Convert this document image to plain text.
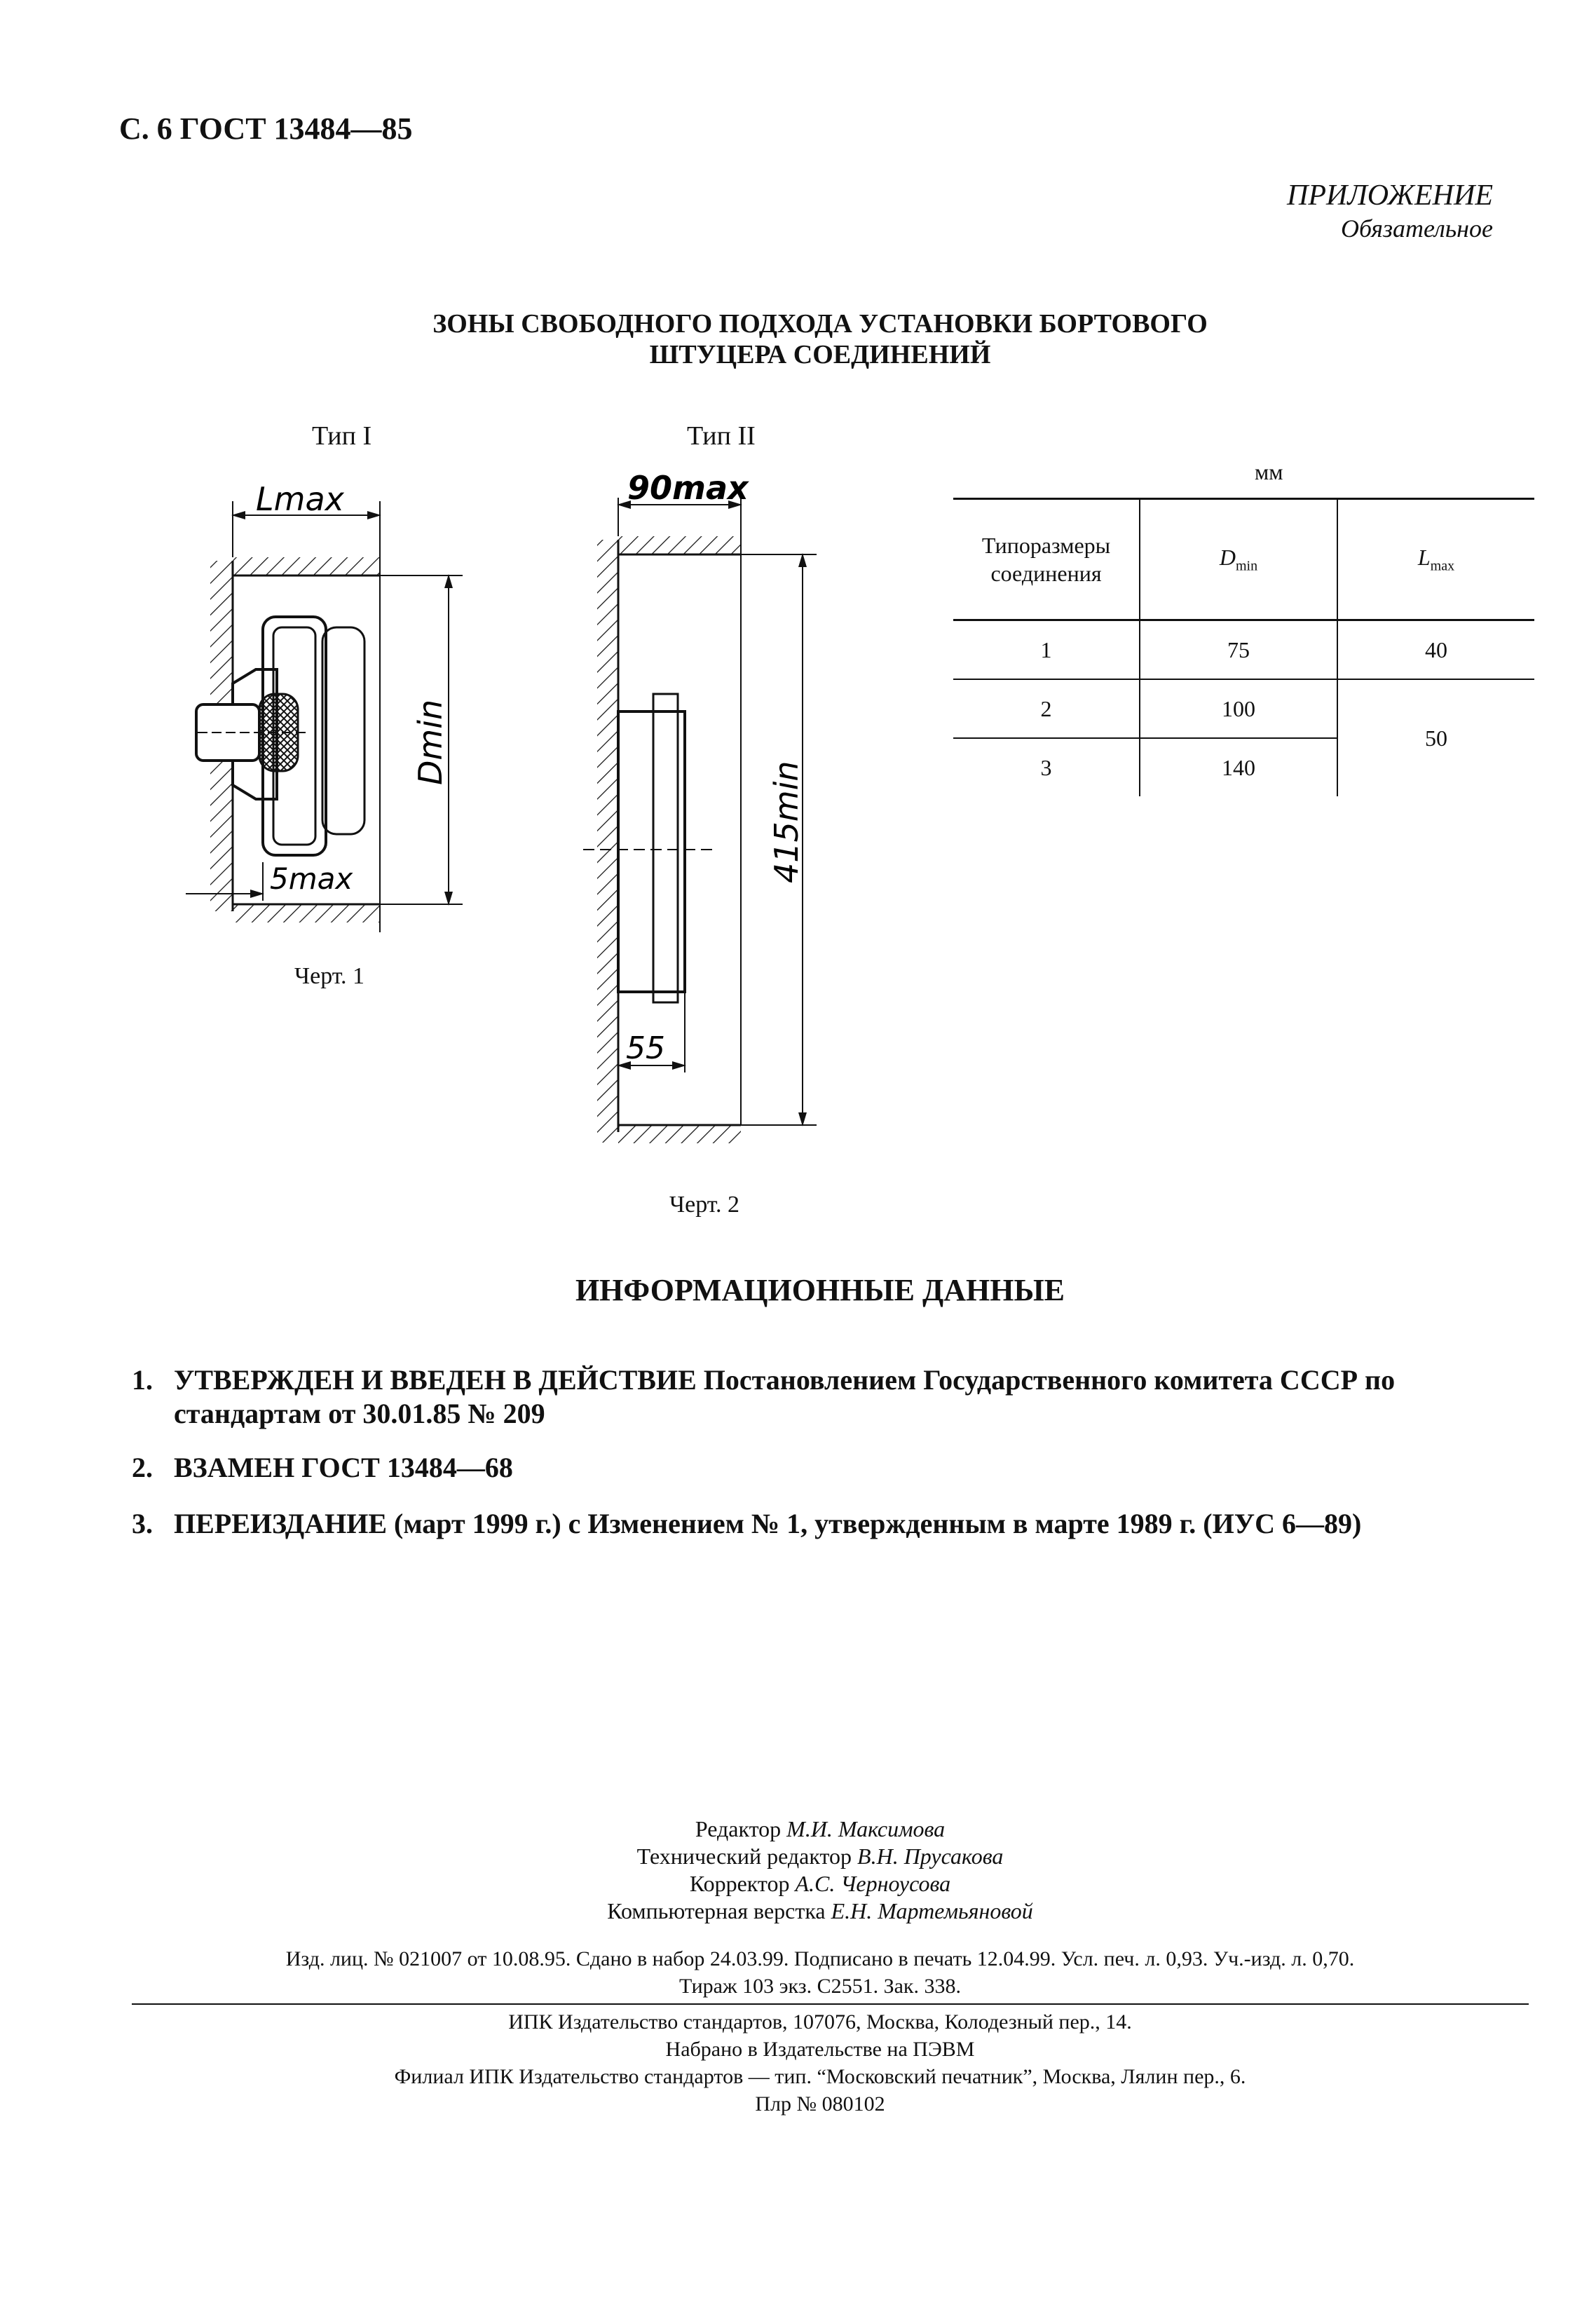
С. 6 ГОСТ 13484—85
ПРИЛОЖЕНИЕ
Обязательное
ЗОНЫ СВОБОДНОГО ПОДХОДА УСТАНОВКИ БОРТОВОГО
ШТУЦЕРА СОЕДИНЕНИЙ
Тип I	Тип II
Lmax
Dmin
5max
90max
415min
55
Черт. 1
Черт. 2
мм
Типоразмеры соединения	$D_{min}$	$L_{max}$
1	75	40
2	100	50
3	140	
ИНФОРМАЦИОННЫЕ ДАННЫЕ
1. УТВЕРЖДЕН И ВВЕДЕН В ДЕЙСТВИЕ Постановлением Государственного комитета СССР по стандартам от 30.01.85 № 209
2. ВЗАМЕН ГОСТ 13484—68
3. ПЕРЕИЗДАНИЕ (март 1999 г.) с Изменением № 1, утвержденным в марте 1989 г. (ИУС 6—89)
Редактор М.И. Максимова
Технический редактор В.Н. Прусакова
Корректор А.С. Черноусова
Компьютерная верстка Е.Н. Мартемьяновой
Изд. лиц. № 021007 от 10.08.95. Сдано в набор 24.03.99. Подписано в печать 12.04.99. Усл. печ. л. 0,93. Уч.-изд. л. 0,70.
Тираж 103 экз. С2551. Зак. 338.
ИПК Издательство стандартов, 107076, Москва, Колодезный пер., 14.
Набрано в Издательстве на ПЭВМ
Филиал ИПК Издательство стандартов — тип. “Московский печатник”, Москва, Лялин пер., 6.
Плр № 080102
